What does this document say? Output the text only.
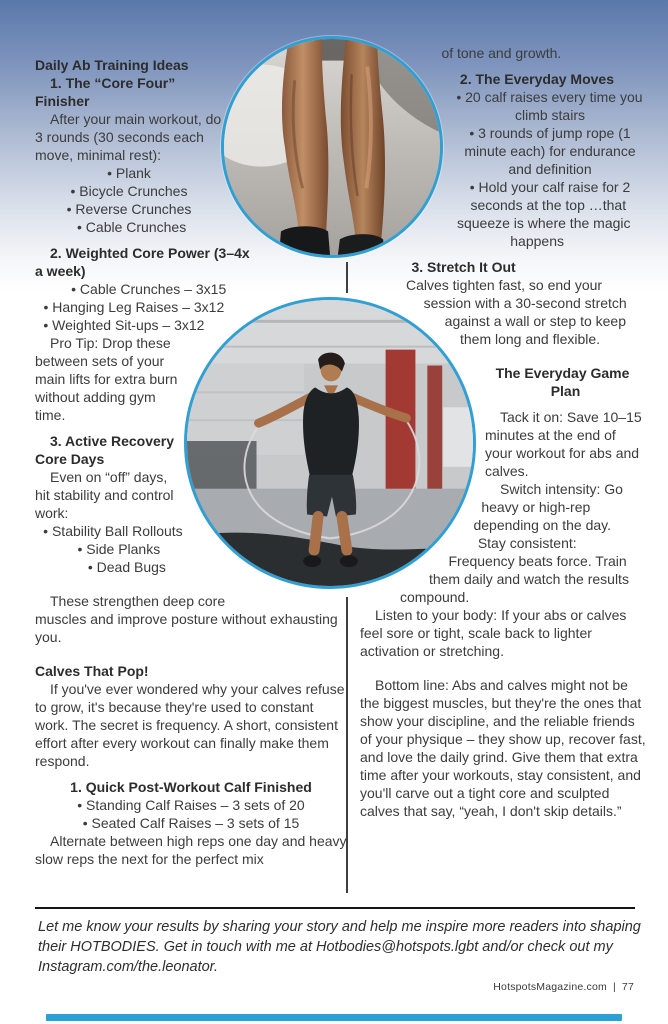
Daily Ab Training Ideas
1. The “Core Four” Finisher

After your main workout, do 3 rounds (30 seconds each move, minimal rest):

• Plank
• Bicycle Crunches
• Reverse Crunches
• Cable Crunches
2. Weighted Core Power (3–4x a week)
• Cable Crunches – 3x15
• Hanging Leg Raises – 3x12
• Weighted Sit-ups – 3x12

Pro Tip: Drop these between sets of your main lifts for extra burn without adding gym time.

3. Active Recovery Core Days

Even on “off” days, hit stability and control work:

• Stability Ball Rollouts
• Side Planks
• Dead Bugs

These strengthen deep core muscles and improve posture without exhausting you.

Calves That Pop!

If you've ever wondered why your calves refuse to grow, it's because they're used to constant work. The secret is frequency. A short, consistent effort after every workout can finally make them respond.

1. Quick Post-Workout Calf Finished
• Standing Calf Raises – 3 sets of 20
• Seated Calf Raises – 3 sets of 15

Alternate between high reps one day and heavy slow reps the next for the perfect mix

of tone and growth.

2. The Everyday Moves
• 20 calf raises every time you climb stairs
• 3 rounds of jump rope (1 minute each) for endurance and definition
• Hold your calf raise for 2 seconds at the top …that squeeze is where the magic happens
3. Stretch It Out

Calves tighten fast, so end your session with a 30-second stretch against a wall or step to keep them long and flexible.

The Everyday Game Plan

Tack it on: Save 10–15 minutes at the end of your workout for abs and calves.

Switch intensity: Go heavy or high-rep depending on the day.

Stay consistent: Frequency beats force. Train them daily and watch the results compound.

Listen to your body: If your abs or calves feel sore or tight, scale back to lighter activation or stretching.

Bottom line: Abs and calves might not be the biggest muscles, but they're the ones that show your discipline, and the reliable friends of your physique – they show up, recover fast, and love the daily grind. Give them that extra time after your workouts, stay consistent, and you'll carve out a tight core and sculpted calves that say, “yeah, I don't skip details.”

Let me know your results by sharing your story and help me inspire more readers into shaping their HOTBODIES. Get in touch with me at Hotbodies@hotspots.lgbt and/or check out my Instagram.com/the.leonator.

HotspotsMagazine.com | 77
